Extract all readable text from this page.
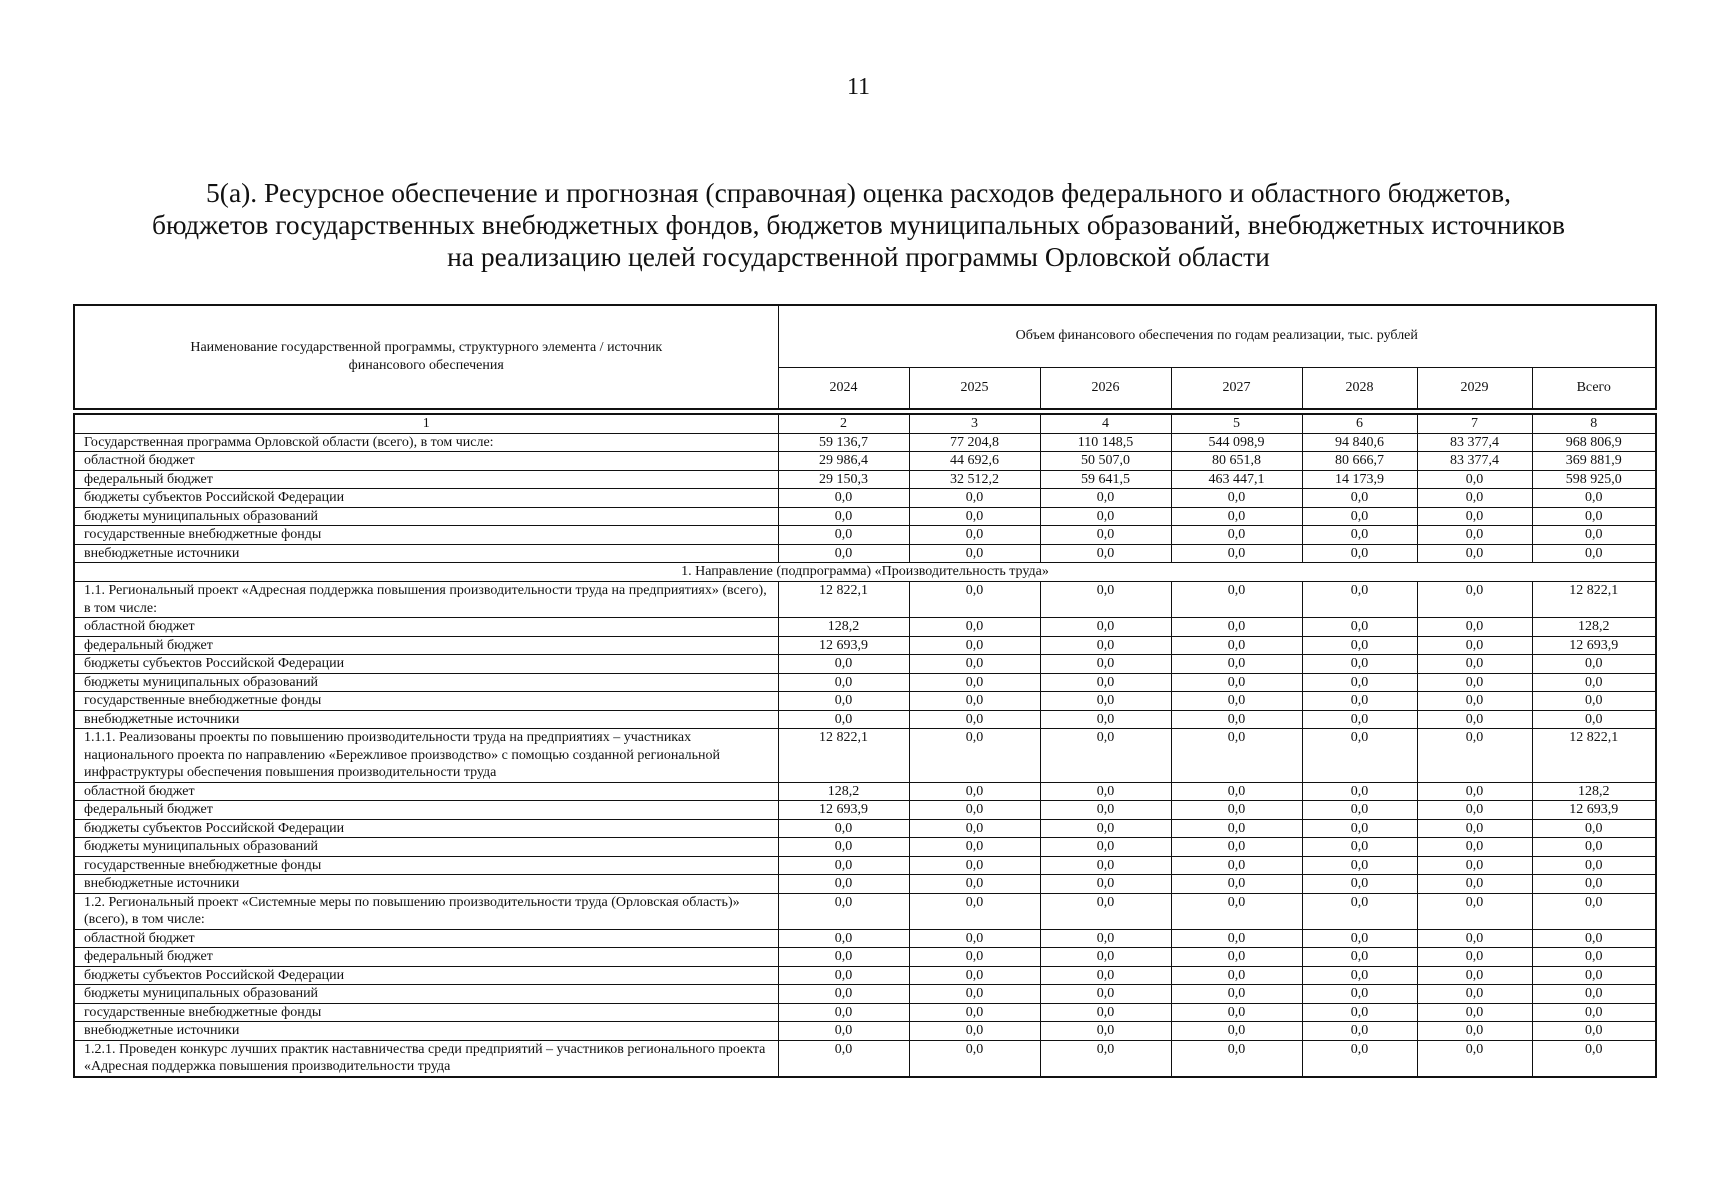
11
5(а). Ресурсное обеспечение и прогнозная (справочная) оценка расходов федерального и областного бюджетов,
бюджетов государственных внебюджетных фондов, бюджетов муниципальных образований, внебюджетных источников
на реализацию целей государственной программы Орловской области
Наименование государственной программы, структурного элемента / источник финансового обеспечения	Объем финансового обеспечения по годам реализации, тыс. рублей						
	2024	2025	2026	2027	2028	2029	Всего
1	2	3	4	5	6	7	8
Государственная программа Орловской области (всего), в том числе:	59 136,7	77 204,8	110 148,5	544 098,9	94 840,6	83 377,4	968 806,9
областной бюджет	29 986,4	44 692,6	50 507,0	80 651,8	80 666,7	83 377,4	369 881,9
федеральный бюджет	29 150,3	32 512,2	59 641,5	463 447,1	14 173,9	0,0	598 925,0
бюджеты субъектов Российской Федерации	0,0	0,0	0,0	0,0	0,0	0,0	0,0
бюджеты муниципальных образований	0,0	0,0	0,0	0,0	0,0	0,0	0,0
государственные внебюджетные фонды	0,0	0,0	0,0	0,0	0,0	0,0	0,0
внебюджетные источники	0,0	0,0	0,0	0,0	0,0	0,0	0,0
1. Направление (подпрограмма) «Производительность труда»							
1.1. Региональный проект «Адресная поддержка повышения производительности труда на предприятиях» (всего), в том числе:	12 822,1	0,0	0,0	0,0	0,0	0,0	12 822,1
областной бюджет	128,2	0,0	0,0	0,0	0,0	0,0	128,2
федеральный бюджет	12 693,9	0,0	0,0	0,0	0,0	0,0	12 693,9
бюджеты субъектов Российской Федерации	0,0	0,0	0,0	0,0	0,0	0,0	0,0
бюджеты муниципальных образований	0,0	0,0	0,0	0,0	0,0	0,0	0,0
государственные внебюджетные фонды	0,0	0,0	0,0	0,0	0,0	0,0	0,0
внебюджетные источники	0,0	0,0	0,0	0,0	0,0	0,0	0,0
1.1.1. Реализованы проекты по повышению производительности труда на предприятиях – участниках национального проекта по направлению «Бережливое производство» с помощью созданной региональной инфраструктуры обеспечения повышения производительности труда	12 822,1	0,0	0,0	0,0	0,0	0,0	12 822,1
областной бюджет	128,2	0,0	0,0	0,0	0,0	0,0	128,2
федеральный бюджет	12 693,9	0,0	0,0	0,0	0,0	0,0	12 693,9
бюджеты субъектов Российской Федерации	0,0	0,0	0,0	0,0	0,0	0,0	0,0
бюджеты муниципальных образований	0,0	0,0	0,0	0,0	0,0	0,0	0,0
государственные внебюджетные фонды	0,0	0,0	0,0	0,0	0,0	0,0	0,0
внебюджетные источники	0,0	0,0	0,0	0,0	0,0	0,0	0,0
1.2. Региональный проект «Системные меры по повышению производительности труда (Орловская область)» (всего), в том числе:	0,0	0,0	0,0	0,0	0,0	0,0	0,0
областной бюджет	0,0	0,0	0,0	0,0	0,0	0,0	0,0
федеральный бюджет	0,0	0,0	0,0	0,0	0,0	0,0	0,0
бюджеты субъектов Российской Федерации	0,0	0,0	0,0	0,0	0,0	0,0	0,0
бюджеты муниципальных образований	0,0	0,0	0,0	0,0	0,0	0,0	0,0
государственные внебюджетные фонды	0,0	0,0	0,0	0,0	0,0	0,0	0,0
внебюджетные источники	0,0	0,0	0,0	0,0	0,0	0,0	0,0
1.2.1. Проведен конкурс лучших практик наставничества среди предприятий – участников регионального проекта «Адресная поддержка повышения производительности труда	0,0	0,0	0,0	0,0	0,0	0,0	0,0
